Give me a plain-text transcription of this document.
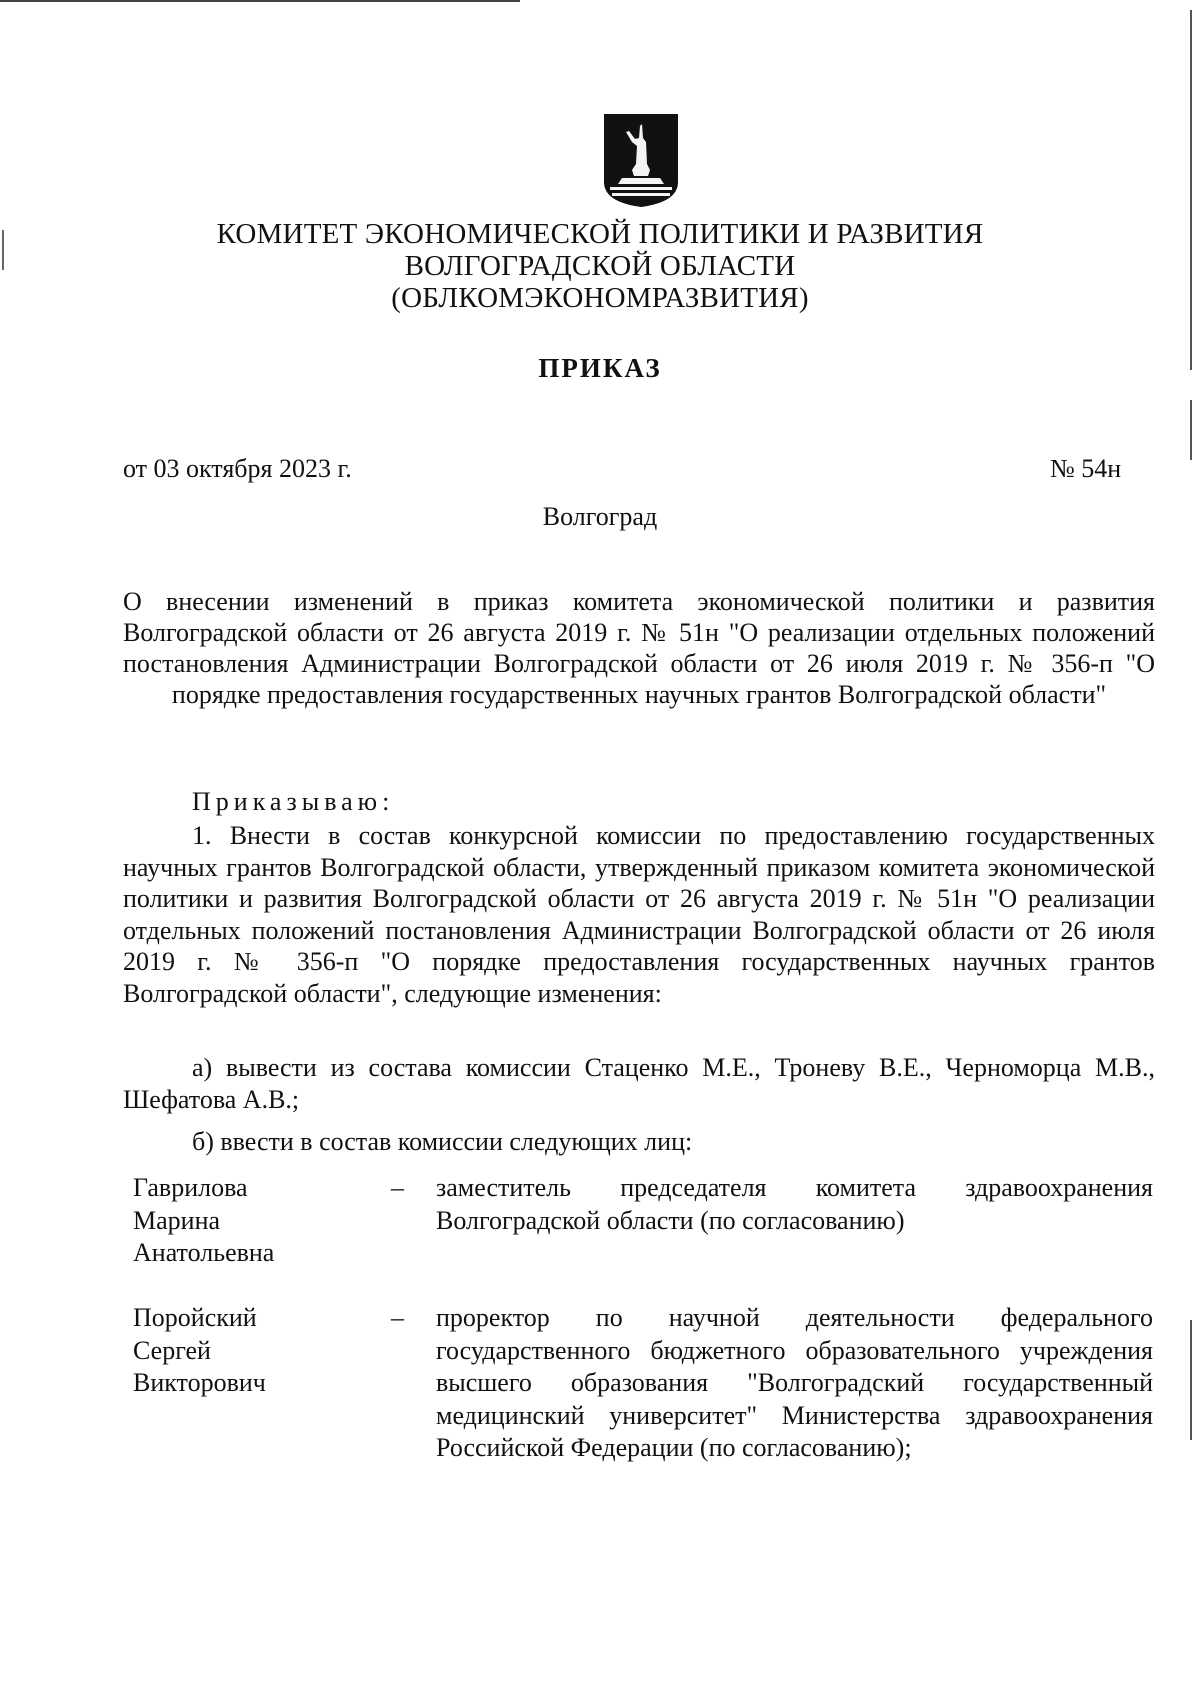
КОМИТЕТ ЭКОНОМИЧЕСКОЙ ПОЛИТИКИ И РАЗВИТИЯ
ВОЛГОГРАДСКОЙ ОБЛАСТИ
(ОБЛКОМЭКОНОМРАЗВИТИЯ)
ПРИКАЗ
от 03 октября 2023 г.	№ 54н
Волгоград
О внесении изменений в приказ комитета экономической политики и развития Волгоградской области от 26 августа 2019 г. № 51н "О реализации отдельных положений постановления Администрации Волгоградской области от 26 июля 2019 г. № 356-п "О порядке предоставления государственных научных грантов Волгоградской области"
Приказываю:
1. Внести в состав конкурсной комиссии по предоставлению государственных научных грантов Волгоградской области, утвержденный приказом комитета экономической политики и развития Волгоградской области от 26 августа 2019 г. № 51н "О реализации отдельных положений постановления Администрации Волгоградской области от 26 июля 2019 г. № 356-п "О порядке предоставления государственных научных грантов Волгоградской области", следующие изменения:
а) вывести из состава комиссии Стаценко М.Е., Троневу В.Е., Черноморца М.В., Шефатова А.В.;
б) ввести в состав комиссии следующих лиц:
Гаврилова
Марина
Анатольевна
– заместитель председателя комитета здравоохранения Волгоградской области (по согласованию)
Поройский
Сергей
Викторович
– проректор по научной деятельности федерального государственного бюджетного образовательного учреждения высшего образования "Волгоградский государственный медицинский университет" Министерства здравоохранения Российской Федерации (по согласованию);
